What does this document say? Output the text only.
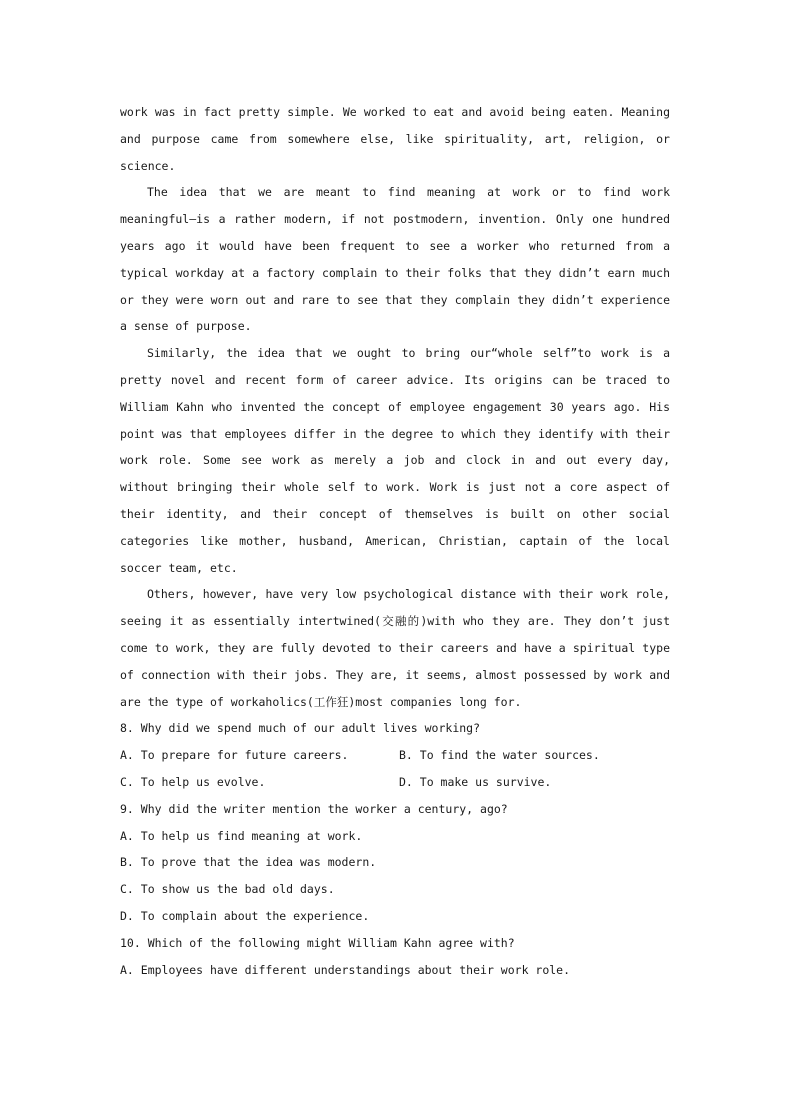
work was in fact pretty simple. We worked to eat and avoid being eaten. Meaning and purpose came from somewhere else, like spirituality, art, religion, or science.

The idea that we are meant to find meaning at work or to find work meaningful—is a rather modern, if not postmodern, invention. Only one hundred years ago it would have been frequent to see a worker who returned from a typical workday at a factory complain to their folks that they didn’t earn much or they were worn out and rare to see that they complain they didn’t experience a sense of purpose.

Similarly, the idea that we ought to bring our“whole self”to work is a pretty novel and recent form of career advice. Its origins can be traced to William Kahn who invented the concept of employee engagement 30 years ago. His point was that employees differ in the degree to which they identify with their work role. Some see work as merely a job and clock in and out every day, without bringing their whole self to work. Work is just not a core aspect of their identity, and their concept of themselves is built on other social categories like mother, husband, American, Christian, captain of the local soccer team, etc.

Others, however, have very low psychological distance with their work role, seeing it as essentially intertwined(交融的)with who they are. They don’t just come to work, they are fully devoted to their careers and have a spiritual type of connection with their jobs. They are, it seems, almost possessed by work and are the type of workaholics(工作狂)most companies long for.

8. Why did we spend much of our adult lives working?

A. To prepare for future careers.	B. To find the water sources.
C. To help us evolve.	D. To make us survive.

9. Why did the writer mention the worker a century, ago?

A. To help us find meaning at work.

B. To prove that the idea was modern.

C. To show us the bad old days.

D. To complain about the experience.

10. Which of the following might William Kahn agree with?

A. Employees have different understandings about their work role.
